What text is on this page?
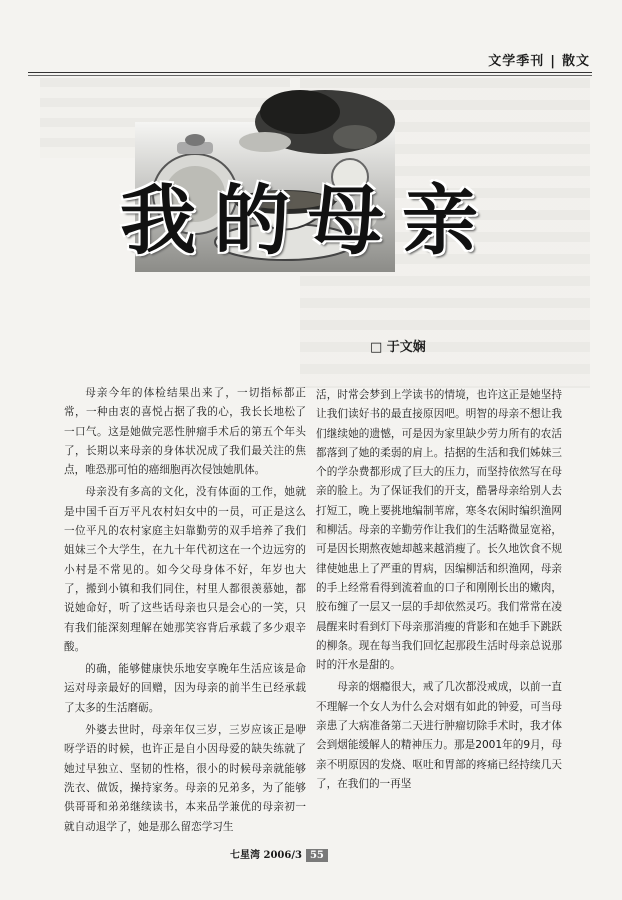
文学季刊 | 散文
我的母亲
□ 于文娴

母亲今年的体检结果出来了，一切指标都正常，一种由衷的喜悦占据了我的心，我长长地松了一口气。这是她做完恶性肿瘤手术后的第五个年头了，长期以来母亲的身体状况成了我们最关注的焦点，唯恐那可怕的癌细胞再次侵蚀她肌体。

母亲没有多高的文化，没有体面的工作，她就是中国千百万平凡农村妇女中的一员，可正是这么一位平凡的农村家庭主妇靠勤劳的双手培养了我们姐妹三个大学生，在九十年代初这在一个边远穷的小村是不常见的。如今父母身体不好，年岁也大了，搬到小镇和我们同住，村里人都很羡慕她，都说她命好，听了这些话母亲也只是会心的一笑，只有我们能深刻理解在她那笑容背后承载了多少艰辛酸。

的确，能够健康快乐地安享晚年生活应该是命运对母亲最好的回赠，因为母亲的前半生已经承载了太多的生活磨砺。

外婆去世时，母亲年仅三岁，三岁应该正是咿呀学语的时候，也许正是自小因母爱的缺失练就了她过早独立、坚韧的性格，很小的时候母亲就能够洗衣、做饭，操持家务。母亲的兄弟多，为了能够供哥哥和弟弟继续读书，本来品学兼优的母亲初一就自动退学了，她是那么留恋学习生

活，时常会梦到上学读书的情境，也许这正是她坚持让我们读好书的最直接原因吧。明智的母亲不想让我们继续她的遗憾，可是因为家里缺少劳力所有的农活都落到了她的柔弱的肩上。拮据的生活和我们姊妹三个的学杂费都形成了巨大的压力，而坚持依然写在母亲的脸上。为了保证我们的开支，酷暑母亲给别人去打短工，晚上要挑地编制苇席，寒冬农闲时编织渔网和柳活。母亲的辛勤劳作让我们的生活略微显宽裕，可是因长期熬夜她却越来越消瘦了。长久地饮食不规律使她患上了严重的胃病，因编柳活和织渔网，母亲的手上经常看得到流着血的口子和刚刚长出的嫩肉，胶布缠了一层又一层的手却依然灵巧。我们常常在凌晨醒来时看到灯下母亲那消瘦的背影和在她手下跳跃的柳条。现在每当我们回忆起那段生活时母亲总说那时的汗水是甜的。

母亲的烟瘾很大，戒了几次都没戒成，以前一直不理解一个女人为什么会对烟有如此的钟爱，可当母亲患了大病准备第二天进行肿瘤切除手术时，我才体会到烟能缓解人的精神压力。那是2001年的9月，母亲不明原因的发烧、呕吐和胃部的疼痛已经持续几天了，在我们的一再坚

七星湾 2006/3 55
